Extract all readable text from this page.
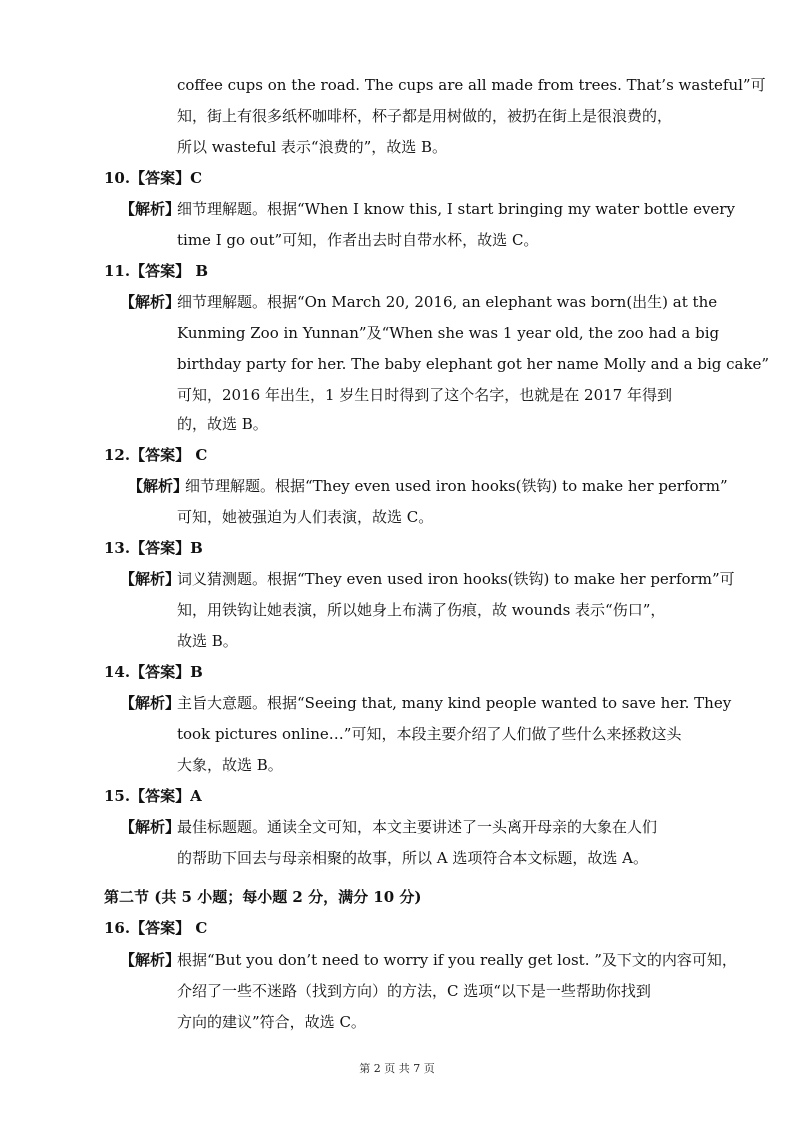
coffee cups on the road. The cups are all made from trees. That’s wasteful”可
知，街上有很多纸杯咖啡杯，杯子都是用树做的，被扔在街上是很浪费的，
所以 wasteful 表示“浪费的”，故选 B。
10.【答案】C
【解析】
细节理解题。根据“When I know this, I start bringing my water bottle every
time I go out”可知，作者出去时自带水杯，故选 C。
11.【答案】 B
【解析】
细节理解题。根据“On March 20, 2016, an elephant was born(出生) at the
Kunming Zoo in Yunnan”及“When she was 1 year old, the zoo had a big
birthday party for her. The baby elephant got her name Molly and a big cake”
可知，2016 年出生，1 岁生日时得到了这个名字，也就是在 2017 年得到
的，故选 B。
12.【答案】 C
【解析】
细节理解题。根据“They even used iron hooks(铁钩) to make her perform”
可知，她被强迫为人们表演，故选 C。
13.【答案】B
【解析】
词义猜测题。根据“They even used iron hooks(铁钩) to make her perform”可
知，用铁钩让她表演，所以她身上布满了伤痕，故 wounds 表示“伤口”，
故选 B。
14.【答案】B
【解析】
主旨大意题。根据“Seeing that, many kind people wanted to save her. They
took pictures online…”可知，本段主要介绍了人们做了些什么来拯救这头
大象，故选 B。
15.【答案】A
【解析】
最佳标题题。通读全文可知，本文主要讲述了一头离开母亲的大象在人们
的帮助下回去与母亲相聚的故事，所以 A 选项符合本文标题，故选 A。
第二节 (共 5 小题；每小题 2 分，满分 10 分)
16.【答案】 C
【解析】
根据“But you don’t need to worry if you really get lost. ”及下文的内容可知，
介绍了一些不迷路（找到方向）的方法，C 选项“以下是一些帮助你找到
方向的建议”符合，故选 C。
第 2 页 共 7 页
